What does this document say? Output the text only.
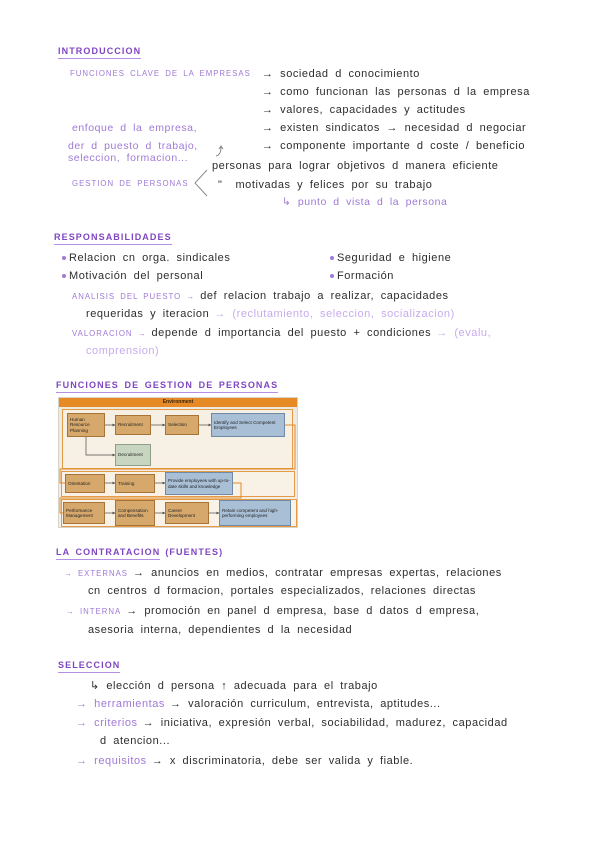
INTRODUCCION
FUNCIONES CLAVE DE LA EMPRESAS → sociedad d conocimiento
→ como funcionan las personas d la empresa
→ valores, capacidades y actitudes
→ existen sindicatos → necesidad d negociar
→ componente importante d coste / beneficio
enfoque d la empresa,
der d puesto d trabajo,
seleccion, formacion...
personas para lograr objetivos d manera eficiente
GESTION DE PERSONAS	" motivadas y felices por su trabajo
↳ punto d vista d la persona
RESPONSABILIDADES
Relacion cn orga. sindicales	Seguridad e higiene
Motivación del personal	Formación
ANALISIS DEL PUESTO → def relacion trabajo a realizar, capacidades
requeridas y iteracion → (reclutamiento, seleccion, socializacion)
VALORACION → depende d importancia del puesto + condiciones → (evalu,
comprension)
FUNCIONES DE GESTION DE PERSONAS
Environment
Human Resource Planning
Recruitment	Selection
Identify and Select Competent Employees
Decruitment
Orientation	Training
Provide employees with up-to-date skills and knowledge
Performance Management
Compensation and Benefits
Career Development
Retain competent and high-performing employees
LA CONTRATACION (FUENTES)
→ EXTERNAS → anuncios en medios, contratar empresas expertas, relaciones
cn centros d formacion, portales especializados, relaciones directas
→ INTERNA → promoción en panel d empresa, base d datos d empresa,
asesoria interna, dependientes d la necesidad
SELECCION
↳ elección d persona ↑ adecuada para el trabajo
→ herramientas → valoración curriculum, entrevista, aptitudes...
→ criterios → iniciativa, expresión verbal, sociabilidad, madurez, capacidad
d atencion...
→ requisitos → x discriminatoria, debe ser valida y fiable.
